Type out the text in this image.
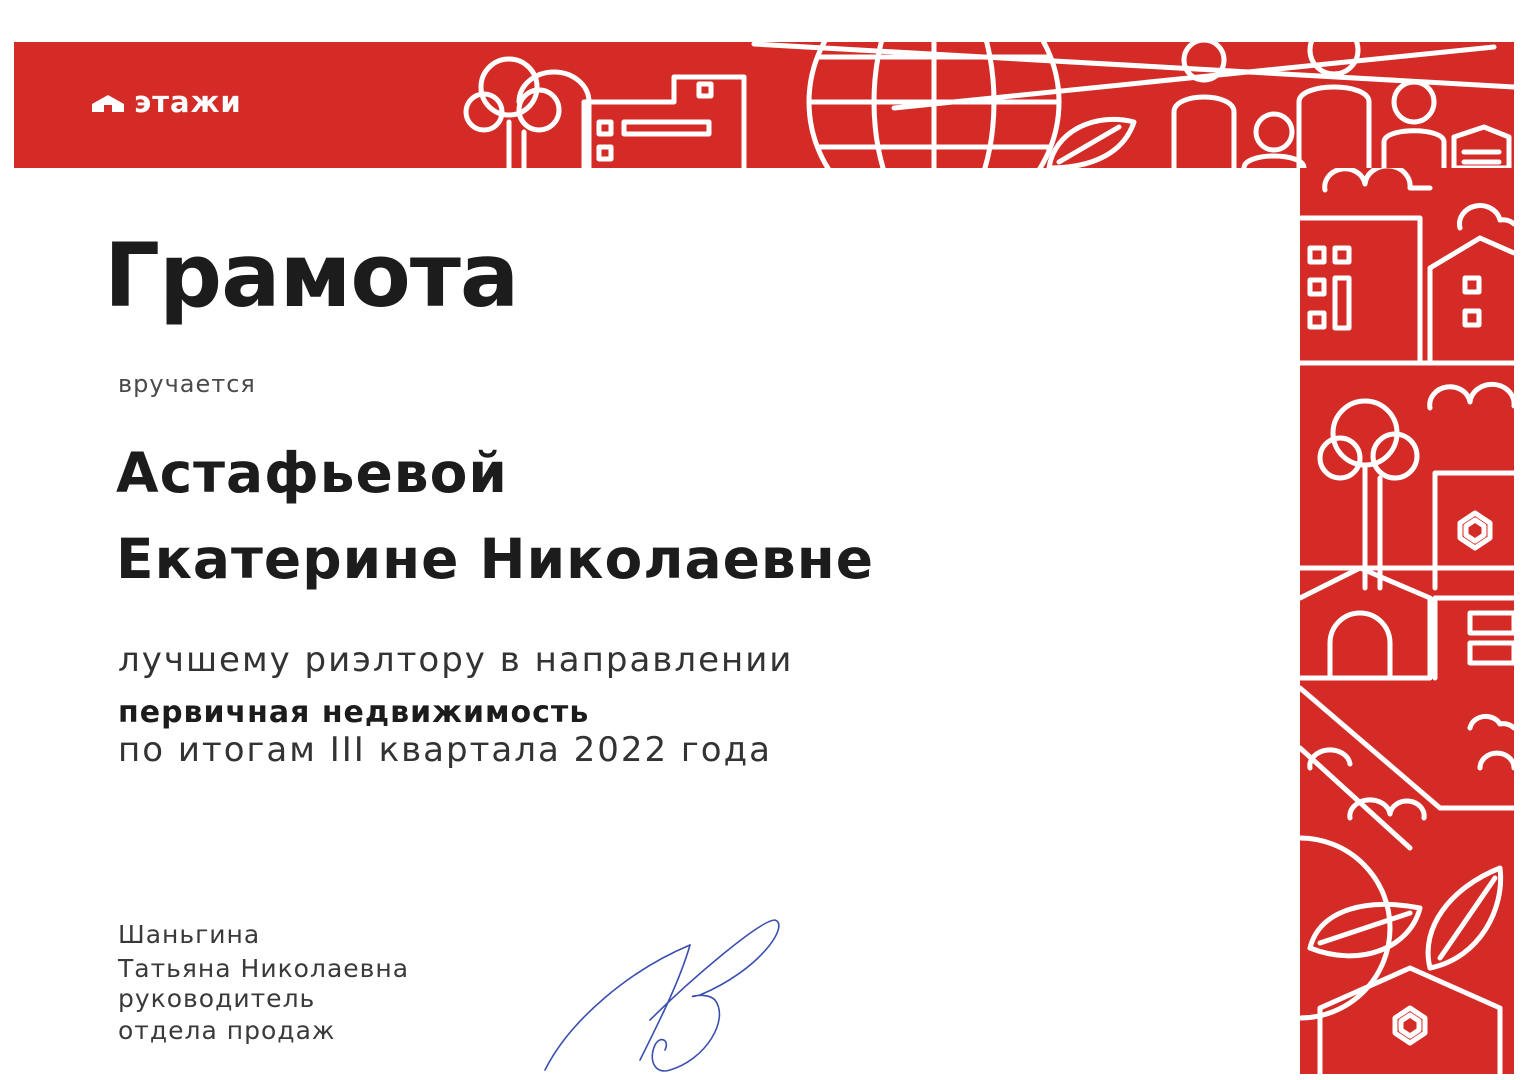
этажи
Грамота
вручается
Астафьевой
Екатерине Николаевне
лучшему риэлтору в направлении
первичная недвижимость
по итогам III квартала 2022 года
Шаньгина
Татьяна Николаевна
руководитель
отдела продаж
